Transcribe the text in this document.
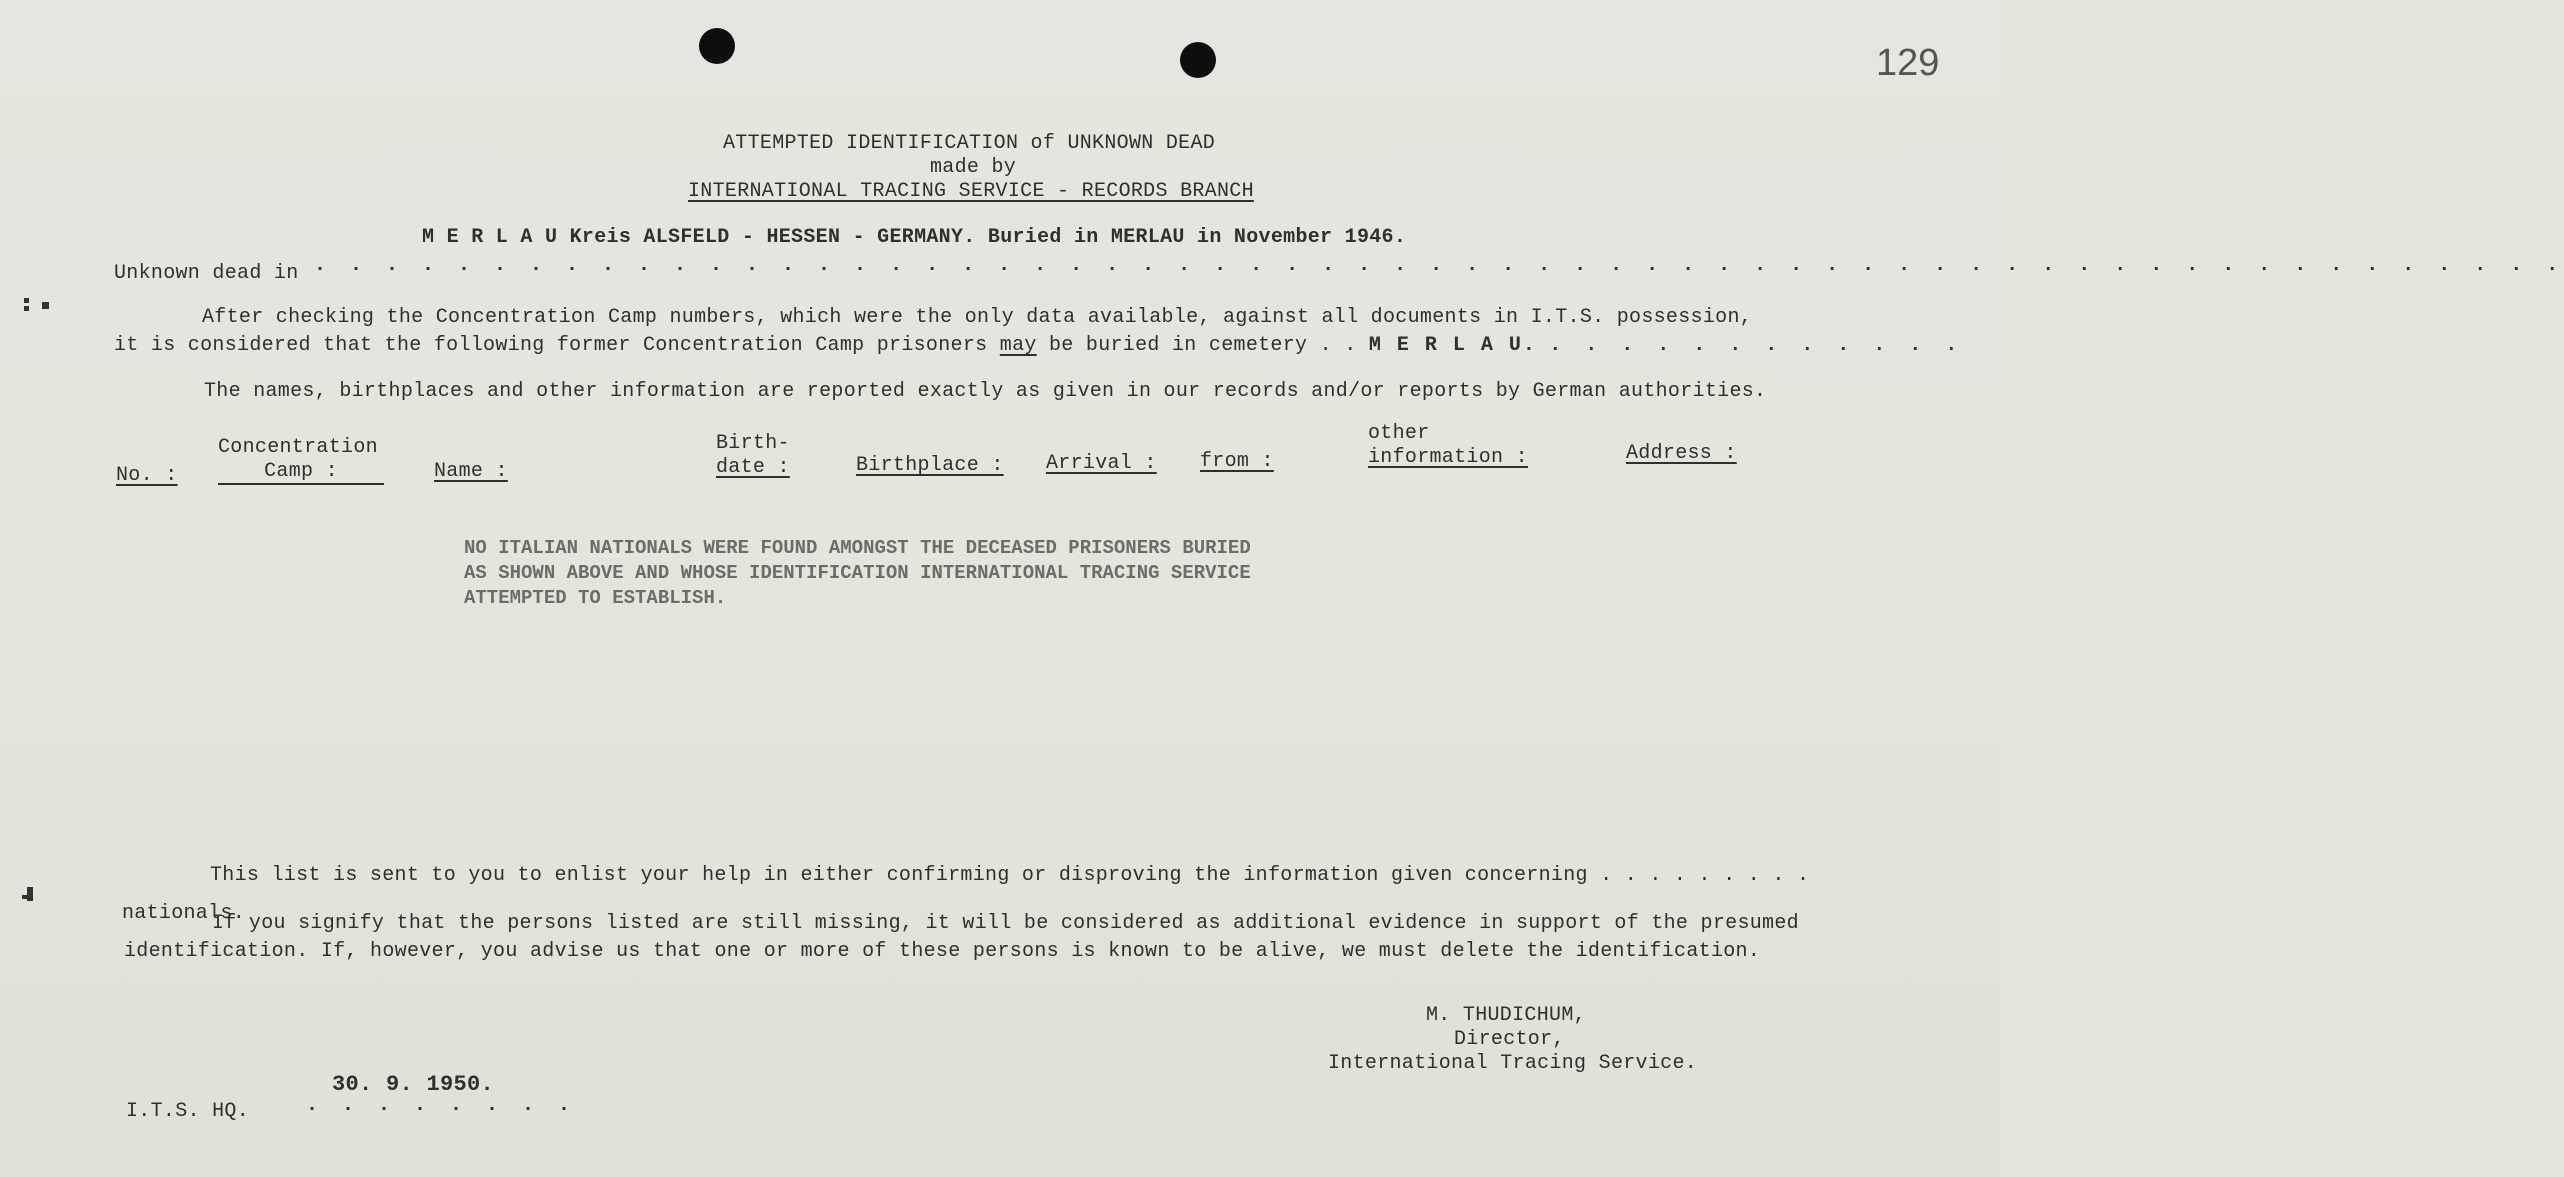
129
ATTEMPTED IDENTIFICATION of UNKNOWN DEAD
made by
INTERNATIONAL TRACING SERVICE - RECORDS BRANCH
M E R L A U Kreis ALSFELD - HESSEN - GERMANY. Buried in MERLAU in November 1946.
Unknown dead in . . . . . . . . . . . . . . . . . . . . . . . . . . . . . . . . . . . . . . . . . . . . . . . . . . . . . . . . . . . . . . .
After checking the Concentration Camp numbers, which were the only data available, against all documents in I.T.S. possession,
it is considered that the following former Concentration Camp prisoners may be buried in cemetery . . M E R L A U. . . . . . . . . . . . .
The names, birthplaces and other information are reported exactly as given in our records and/or reports by German authorities.
No. :
Concentration
Camp :	Name :
Birth-
date :	Birthplace : Arrival : from :
other
information :	Address :
NO ITALIAN NATIONALS WERE FOUND AMONGST THE DECEASED PRISONERS BURIED
AS SHOWN ABOVE AND WHOSE IDENTIFICATION INTERNATIONAL TRACING SERVICE
ATTEMPTED TO ESTABLISH.
This list is sent to you to enlist your help in either confirming or disproving the information given concerning . . . . . . . . .
nationals.
If you signify that the persons listed are still missing, it will be considered as additional evidence in support of the presumed
identification. If, however, you advise us that one or more of these persons is known to be alive, we must delete the identification.
M. THUDICHUM,
Director,
International Tracing Service.
30. 9. 1950.
I.T.S. HQ.	. . . . . . . .
